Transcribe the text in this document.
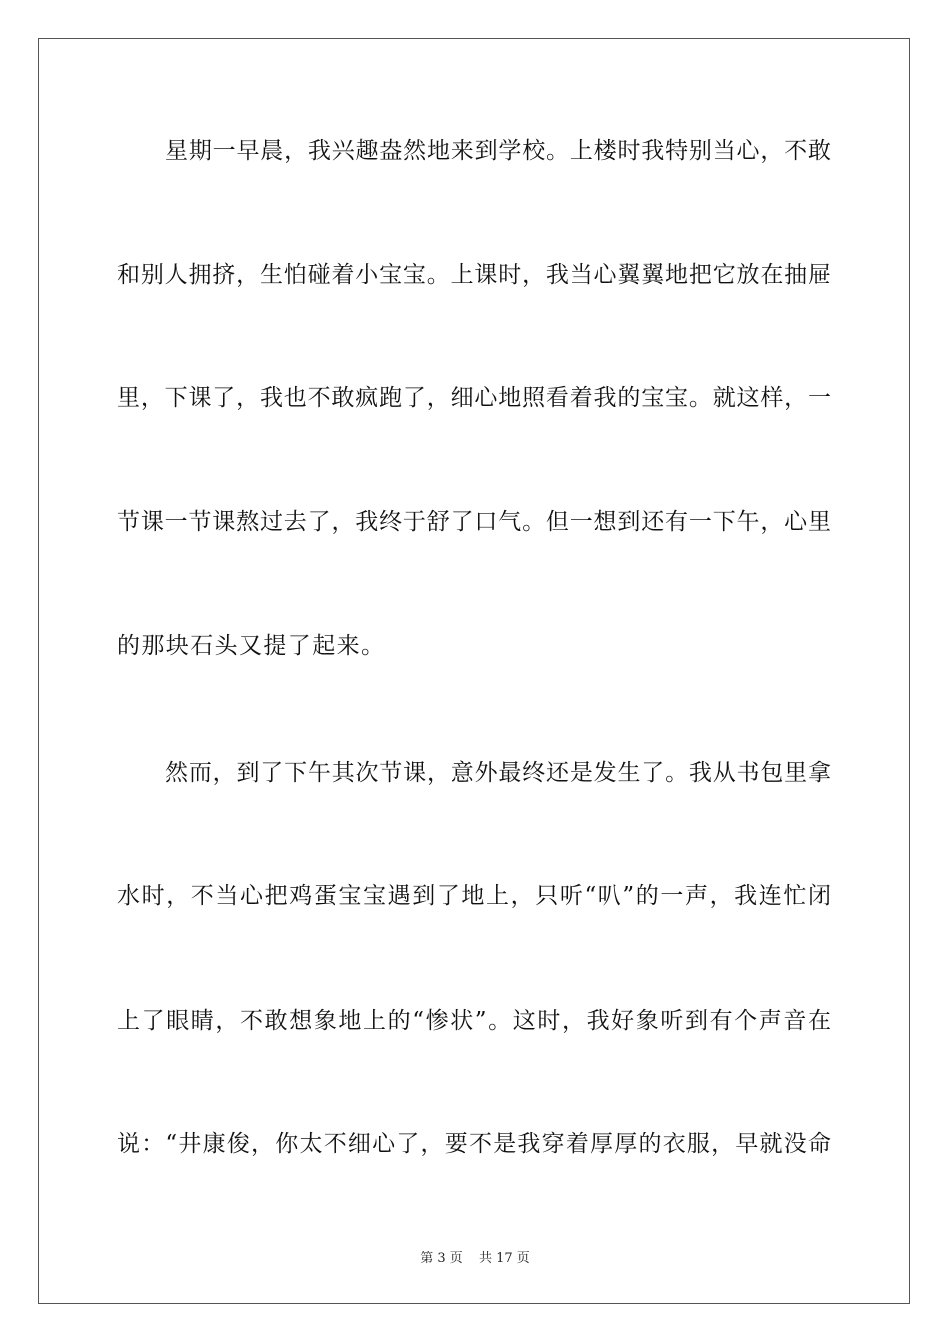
星期一早晨，我兴趣盎然地来到学校。上楼时我特别当心，不敢
和别人拥挤，生怕碰着小宝宝。上课时，我当心翼翼地把它放在抽屉
里，下课了，我也不敢疯跑了，细心地照看着我的宝宝。就这样，一
节课一节课熬过去了，我终于舒了口气。但一想到还有一下午，心里
的那块石头又提了起来。
然而，到了下午其次节课，意外最终还是发生了。我从书包里拿
水时，不当心把鸡蛋宝宝遇到了地上，只听“叭”的一声，我连忙闭
上了眼睛，不敢想象地上的“惨状”。这时，我好象听到有个声音在
说：“井康俊，你太不细心了，要不是我穿着厚厚的衣服，早就没命
第 3 页 共 17 页
